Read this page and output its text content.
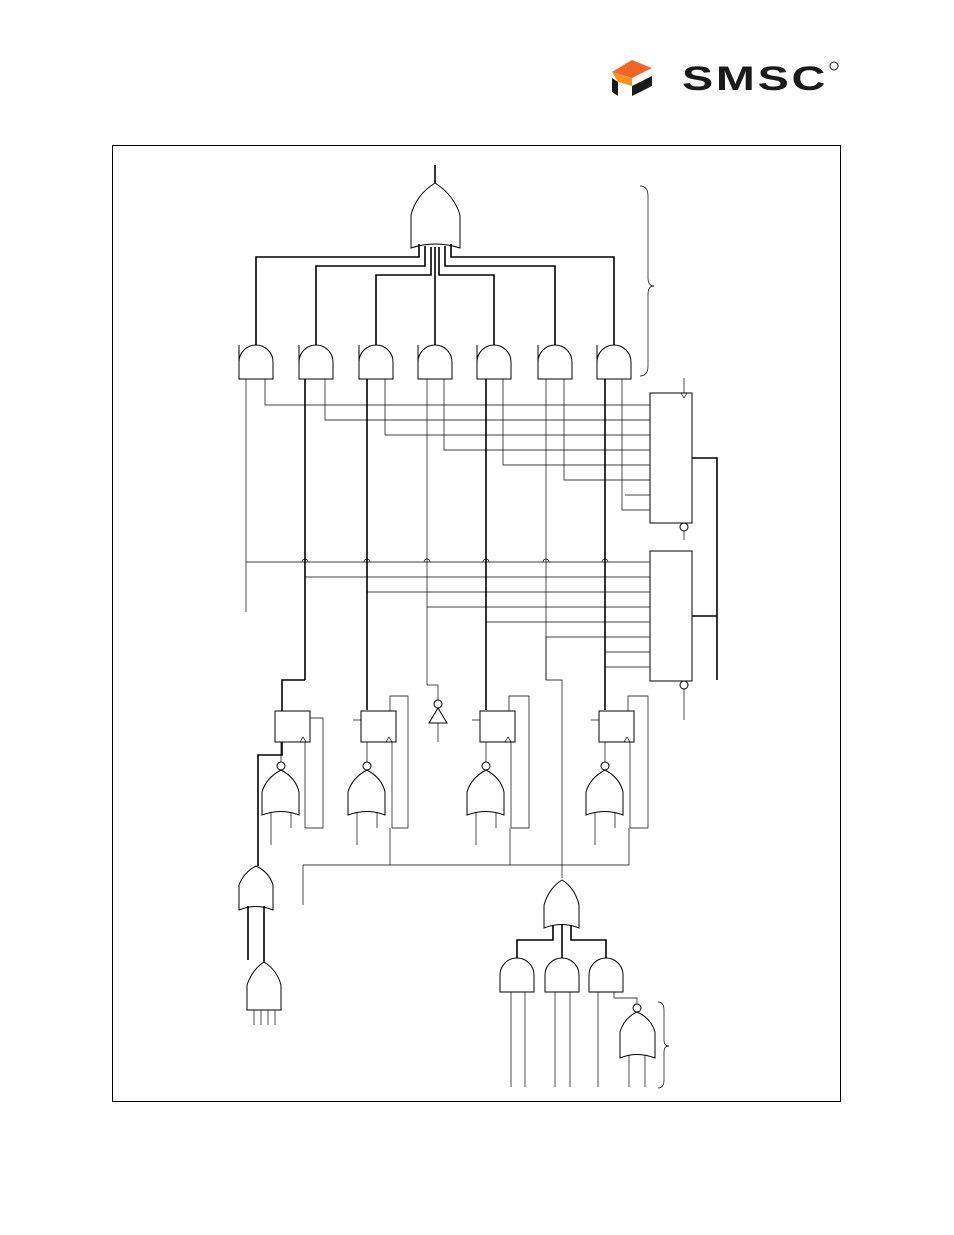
SMSC
